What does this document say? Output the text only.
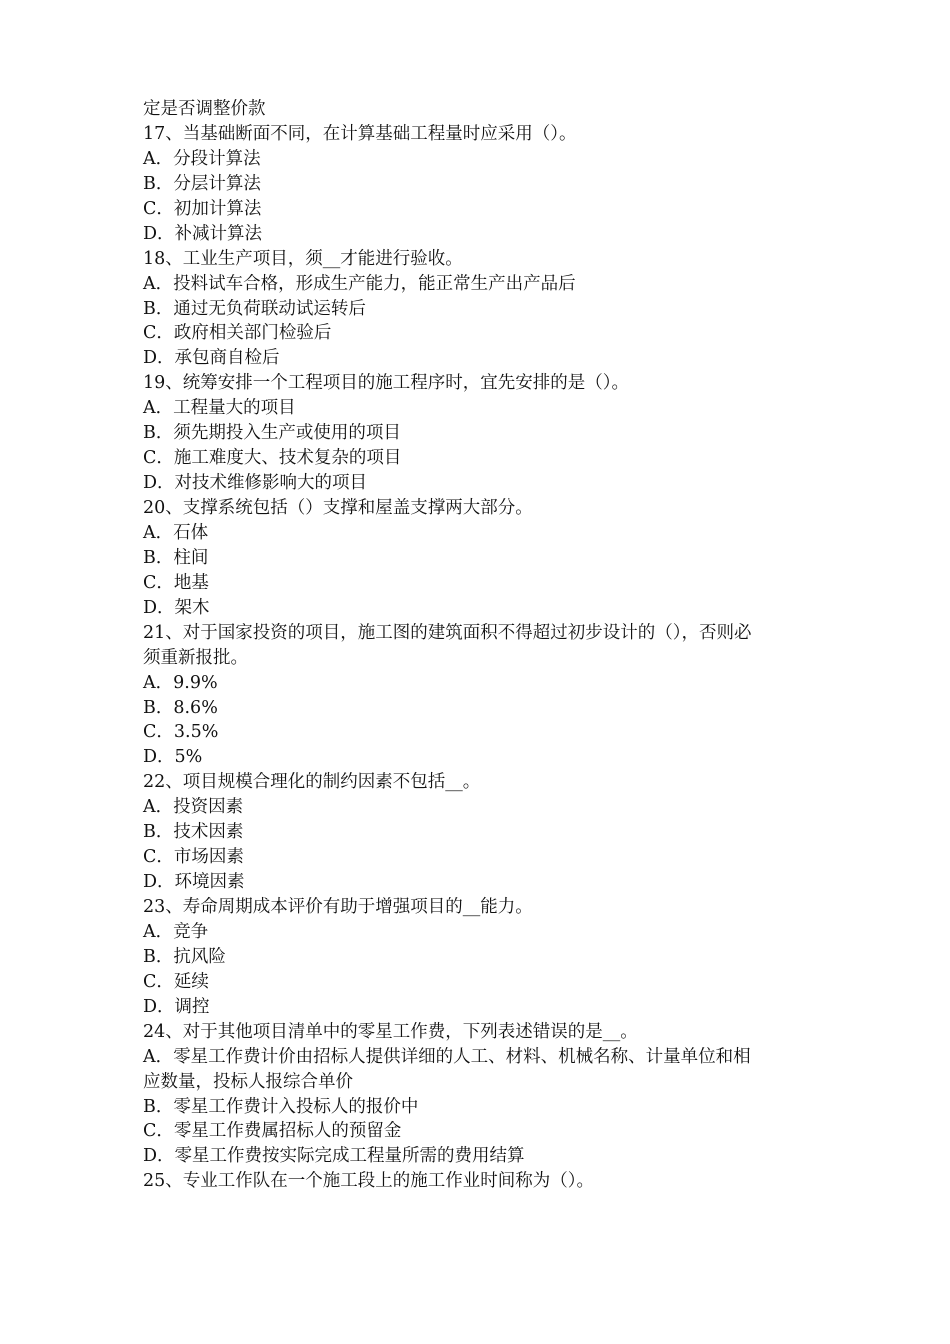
定是否调整价款
17、当基础断面不同，在计算基础工程量时应采用（）。
A．分段计算法
B．分层计算法
C．初加计算法
D．补减计算法
18、工业生产项目，须__才能进行验收。
A．投料试车合格，形成生产能力，能正常生产出产品后
B．通过无负荷联动试运转后
C．政府相关部门检验后
D．承包商自检后
19、统筹安排一个工程项目的施工程序时，宜先安排的是（）。
A．工程量大的项目
B．须先期投入生产或使用的项目
C．施工难度大、技术复杂的项目
D．对技术维修影响大的项目
20、支撑系统包括（）支撑和屋盖支撑两大部分。
A．石体
B．柱间
C．地基
D．架木
21、对于国家投资的项目，施工图的建筑面积不得超过初步设计的（），否则必
须重新报批。
A．9.9%
B．8.6%
C．3.5%
D．5%
22、项目规模合理化的制约因素不包括__。
A．投资因素
B．技术因素
C．市场因素
D．环境因素
23、寿命周期成本评价有助于增强项目的__能力。
A．竞争
B．抗风险
C．延续
D．调控
24、对于其他项目清单中的零星工作费，下列表述错误的是__。
A．零星工作费计价由招标人提供详细的人工、材料、机械名称、计量单位和相
应数量，投标人报综合单价
B．零星工作费计入投标人的报价中
C．零星工作费属招标人的预留金
D．零星工作费按实际完成工程量所需的费用结算
25、专业工作队在一个施工段上的施工作业时间称为（）。
